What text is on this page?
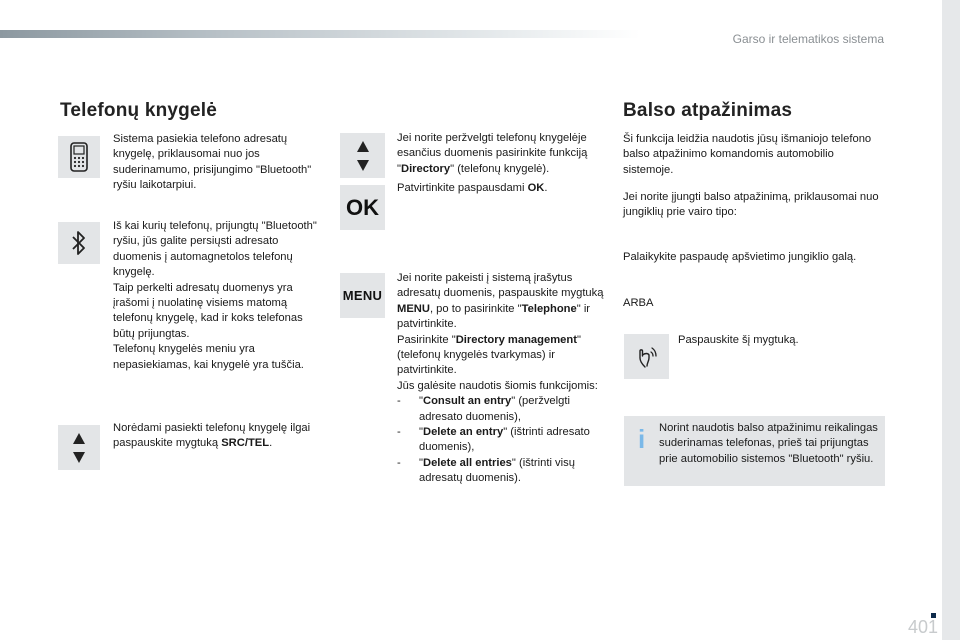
Garso ir telematikos sistema
Telefonų knygelė
Sistema pasiekia telefono adresatų knygelę, priklausomai nuo jos suderinamumo, prisijungimo "Bluetooth" ryšiu laikotarpiui.
Iš kai kurių telefonų, prijungtų "Bluetooth" ryšiu, jūs galite persiųsti adresato duomenis į automagnetolos telefonų knygelę.
Taip perkelti adresatų duomenys yra įrašomi į nuolatinę visiems matomą telefonų knygelę, kad ir koks telefonas būtų prijungtas.
Telefonų knygelės meniu yra nepasiekiamas, kai knygelė yra tuščia.
Norėdami pasiekti telefonų knygelę ilgai paspauskite mygtuką SRC/TEL.
Jei norite peržvelgti telefonų knygelėje esančius duomenis pasirinkite funkciją "Directory" (telefonų knygelė).
OK
Patvirtinkite paspausdami OK.
MENU
Jei norite pakeisti į sistemą įrašytus adresatų duomenis, paspauskite mygtuką MENU, po to pasirinkite "Telephone" ir patvirtinkite.
Pasirinkite "Directory management" (telefonų knygelės tvarkymas) ir patvirtinkite.
Jūs galėsite naudotis šiomis funkcijomis:
-	"Consult an entry" (peržvelgti adresato duomenis),
-	"Delete an entry" (ištrinti adresato duomenis),
-	"Delete all entries" (ištrinti visų adresatų duomenis).
Balso atpažinimas
Ši funkcija leidžia naudotis jūsų išmaniojo telefono balso atpažinimo komandomis automobilio sistemoje.
Jei norite įjungti balso atpažinimą, priklausomai nuo jungiklių prie vairo tipo:
Palaikykite paspaudę apšvietimo jungiklio galą.
ARBA
Paspauskite šį mygtuką.
i Norint naudotis balso atpažinimu reikalingas suderinamas telefonas, prieš tai prijungtas prie automobilio sistemos "Bluetooth" ryšiu.
401
